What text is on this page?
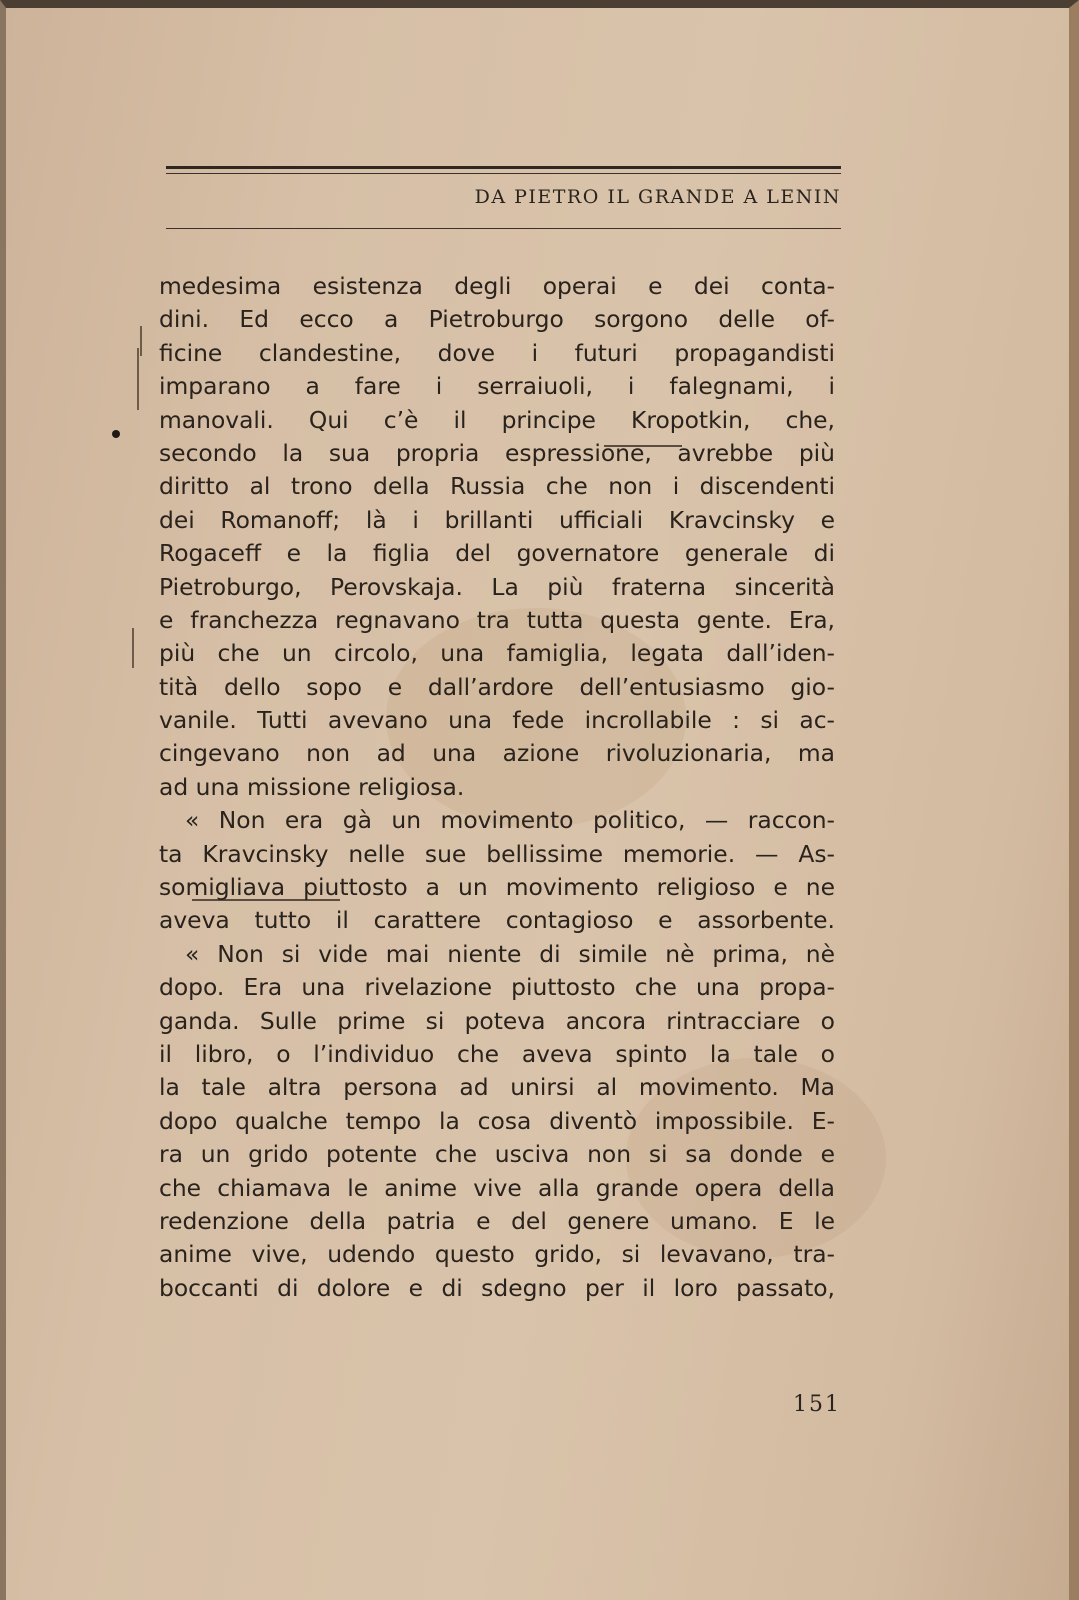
DA PIETRO IL GRANDE A LENIN
medesima esistenza degli operai e dei conta-
dini. Ed ecco a Pietroburgo sorgono delle of-
ficine clandestine, dove i futuri propagandisti
imparano a fare i serraiuoli, i falegnami, i
manovali. Qui c’è il principe Kropotkin, che,
secondo la sua propria espressione, avrebbe più
diritto al trono della Russia che non i discendenti
dei Romanoff; là i brillanti ufficiali Kravcinsky e
Rogaceff e la figlia del governatore generale di
Pietroburgo, Perovskaja. La più fraterna sincerità
e franchezza regnavano tra tutta questa gente. Era,
più che un circolo, una famiglia, legata dall’iden-
tità dello sopo e dall’ardore dell’entusiasmo gio-
vanile. Tutti avevano una fede incrollabile : si ac-
cingevano non ad una azione rivoluzionaria, ma
ad una missione religiosa.
« Non era gà un movimento politico, — raccon-
ta Kravcinsky nelle sue bellissime memorie. — As-
somigliava piuttosto a un movimento religioso e ne
aveva tutto il carattere contagioso e assorbente.
« Non si vide mai niente di simile nè prima, nè
dopo. Era una rivelazione piuttosto che una propa-
ganda. Sulle prime si poteva ancora rintracciare o
il libro, o l’individuo che aveva spinto la tale o
la tale altra persona ad unirsi al movimento. Ma
dopo qualche tempo la cosa diventò impossibile. E-
ra un grido potente che usciva non si sa donde e
che chiamava le anime vive alla grande opera della
redenzione della patria e del genere umano. E le
anime vive, udendo questo grido, si levavano, tra-
boccanti di dolore e di sdegno per il loro passato,
151
